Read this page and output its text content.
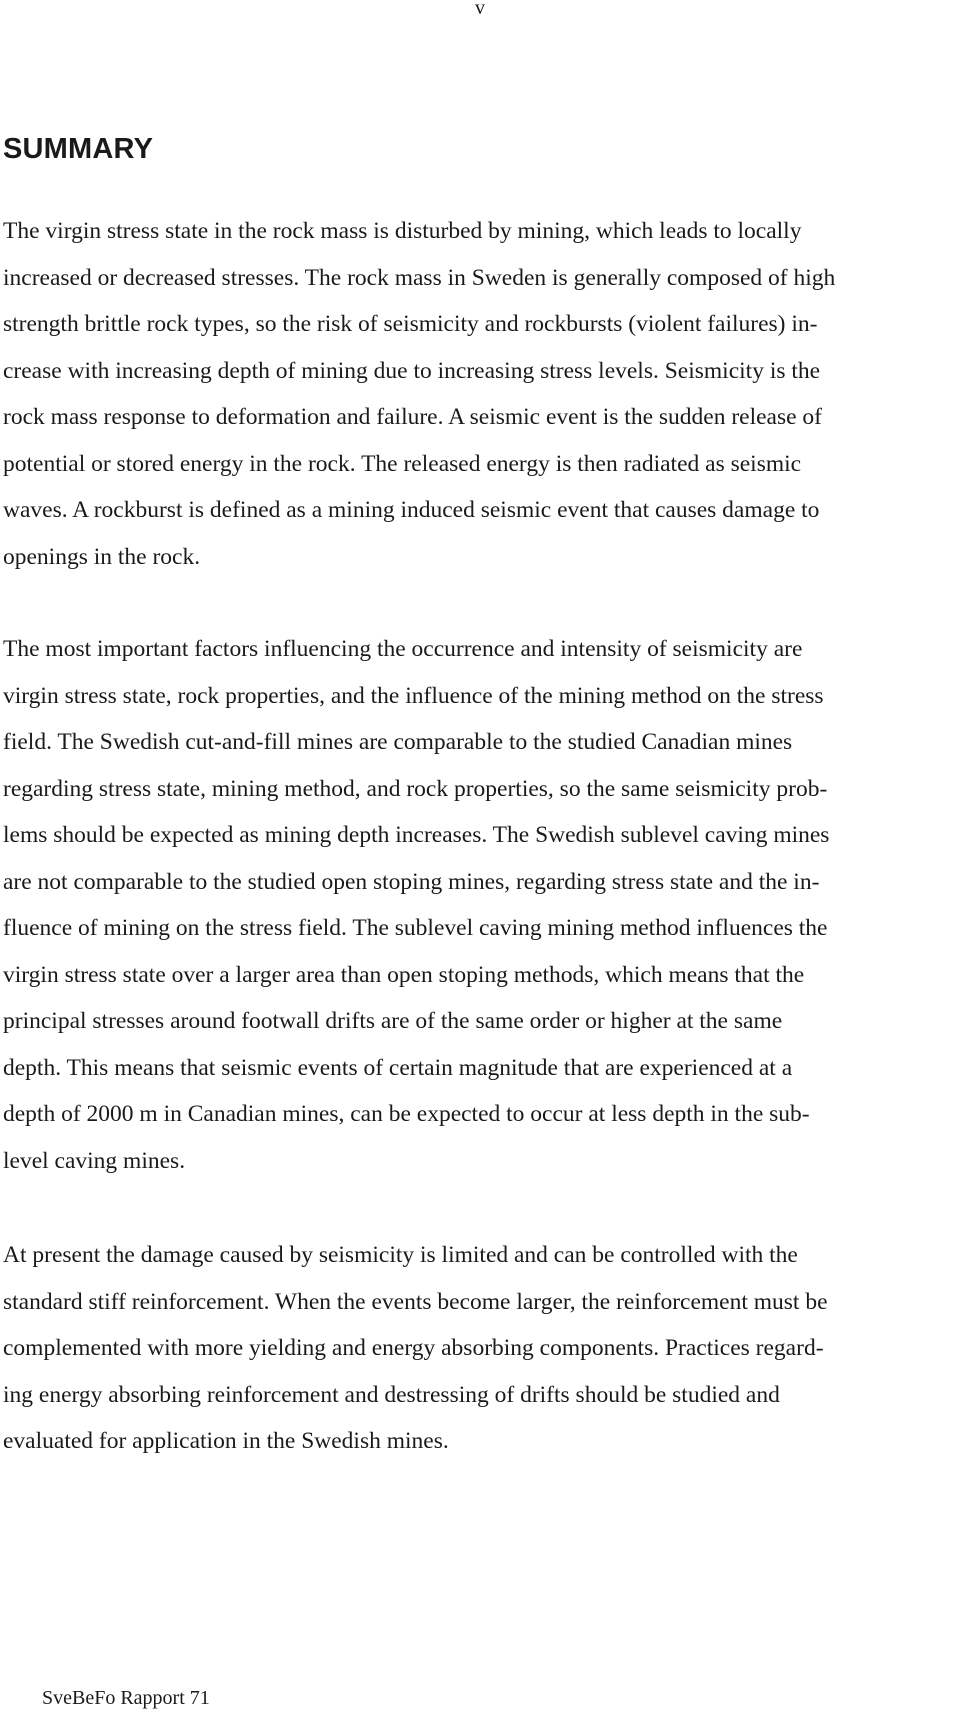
v
SUMMARY

The virgin stress state in the rock mass is disturbed by mining, which leads to locally
increased or decreased stresses. The rock mass in Sweden is generally composed of high
strength brittle rock types, so the risk of seismicity and rockbursts (violent failures) in-
crease with increasing depth of mining due to increasing stress levels. Seismicity is the
rock mass response to deformation and failure. A seismic event is the sudden release of
potential or stored energy in the rock. The released energy is then radiated as seismic
waves. A rockburst is defined as a mining induced seismic event that causes damage to
openings in the rock.

The most important factors influencing the occurrence and intensity of seismicity are
virgin stress state, rock properties, and the influence of the mining method on the stress
field. The Swedish cut-and-fill mines are comparable to the studied Canadian mines
regarding stress state, mining method, and rock properties, so the same seismicity prob-
lems should be expected as mining depth increases. The Swedish sublevel caving mines
are not comparable to the studied open stoping mines, regarding stress state and the in-
fluence of mining on the stress field. The sublevel caving mining method influences the
virgin stress state over a larger area than open stoping methods, which means that the
principal stresses around footwall drifts are of the same order or higher at the same
depth. This means that seismic events of certain magnitude that are experienced at a
depth of 2000 m in Canadian mines, can be expected to occur at less depth in the sub-
level caving mines.

At present the damage caused by seismicity is limited and can be controlled with the
standard stiff reinforcement. When the events become larger, the reinforcement must be
complemented with more yielding and energy absorbing components. Practices regard-
ing energy absorbing reinforcement and destressing of drifts should be studied and
evaluated for application in the Swedish mines.

SveBeFo Rapport 71
